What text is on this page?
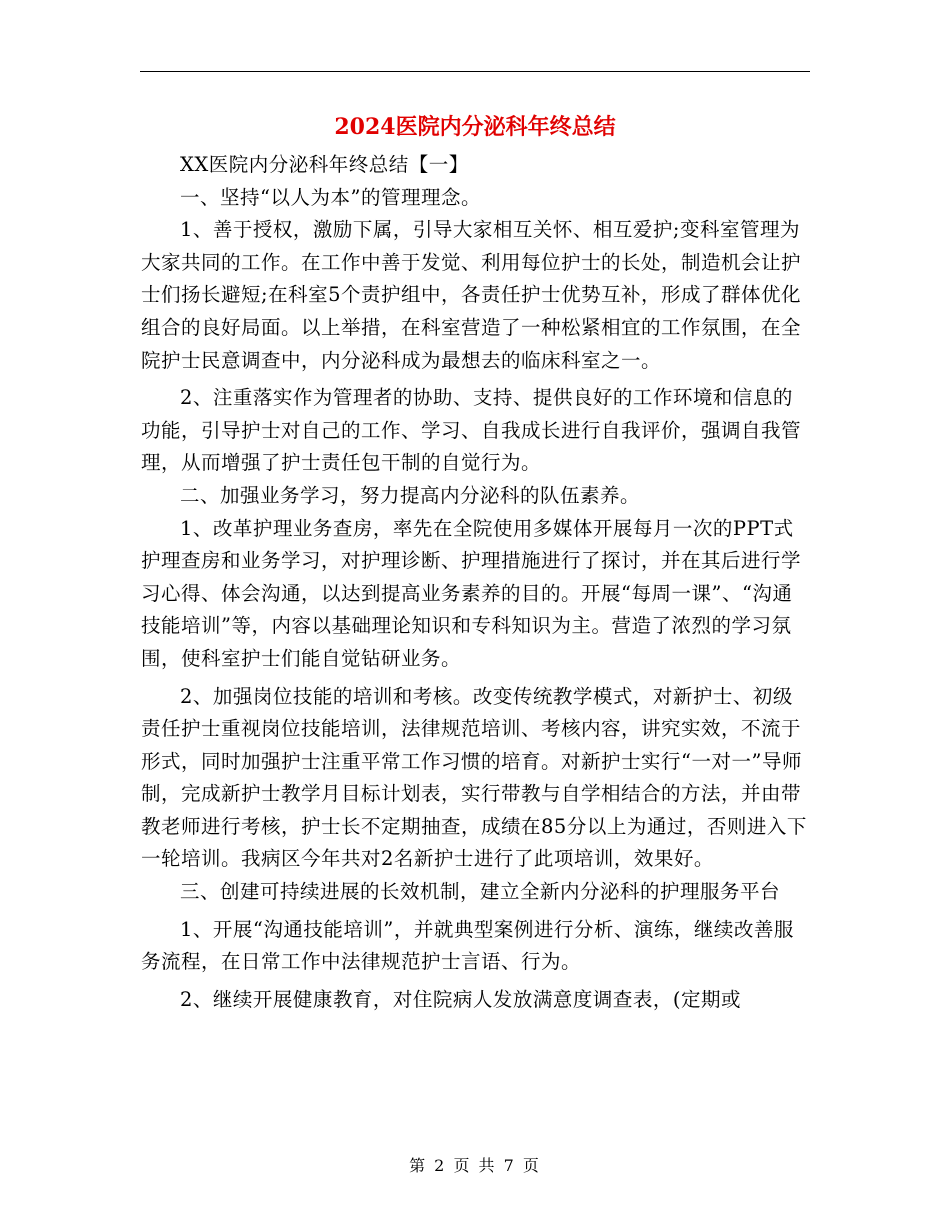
2024医院内分泌科年终总结

XX医院内分泌科年终总结【一】

一、坚持“以人为本”的管理理念。

1、善于授权，激励下属，引导大家相互关怀、相互爱护;变科室管理为大家共同的工作。在工作中善于发觉、利用每位护士的长处，制造机会让护士们扬长避短;在科室5个责护组中，各责任护士优势互补，形成了群体优化组合的良好局面。以上举措，在科室营造了一种松紧相宜的工作氛围，在全院护士民意调查中，内分泌科成为最想去的临床科室之一。

2、注重落实作为管理者的协助、支持、提供良好的工作环境和信息的功能，引导护士对自己的工作、学习、自我成长进行自我评价，强调自我管理，从而增强了护士责任包干制的自觉行为。

二、加强业务学习，努力提高内分泌科的队伍素养。

1、改革护理业务查房，率先在全院使用多媒体开展每月一次的PPT式护理查房和业务学习，对护理诊断、护理措施进行了探讨，并在其后进行学习心得、体会沟通，以达到提高业务素养的目的。开展“每周一课”、“沟通技能培训”等，内容以基础理论知识和专科知识为主。营造了浓烈的学习氛围，使科室护士们能自觉钻研业务。

2、加强岗位技能的培训和考核。改变传统教学模式，对新护士、初级责任护士重视岗位技能培训，法律规范培训、考核内容，讲究实效，不流于形式，同时加强护士注重平常工作习惯的培育。对新护士实行“一对一”导师制，完成新护士教学月目标计划表，实行带教与自学相结合的方法，并由带教老师进行考核，护士长不定期抽查，成绩在85分以上为通过，否则进入下一轮培训。我病区今年共对2名新护士进行了此项培训，效果好。

三、创建可持续进展的长效机制，建立全新内分泌科的护理服务平台

1、开展“沟通技能培训”，并就典型案例进行分析、演练，继续改善服务流程，在日常工作中法律规范护士言语、行为。

2、继续开展健康教育，对住院病人发放满意度调查表，(定期或

第 2 页 共 7 页
